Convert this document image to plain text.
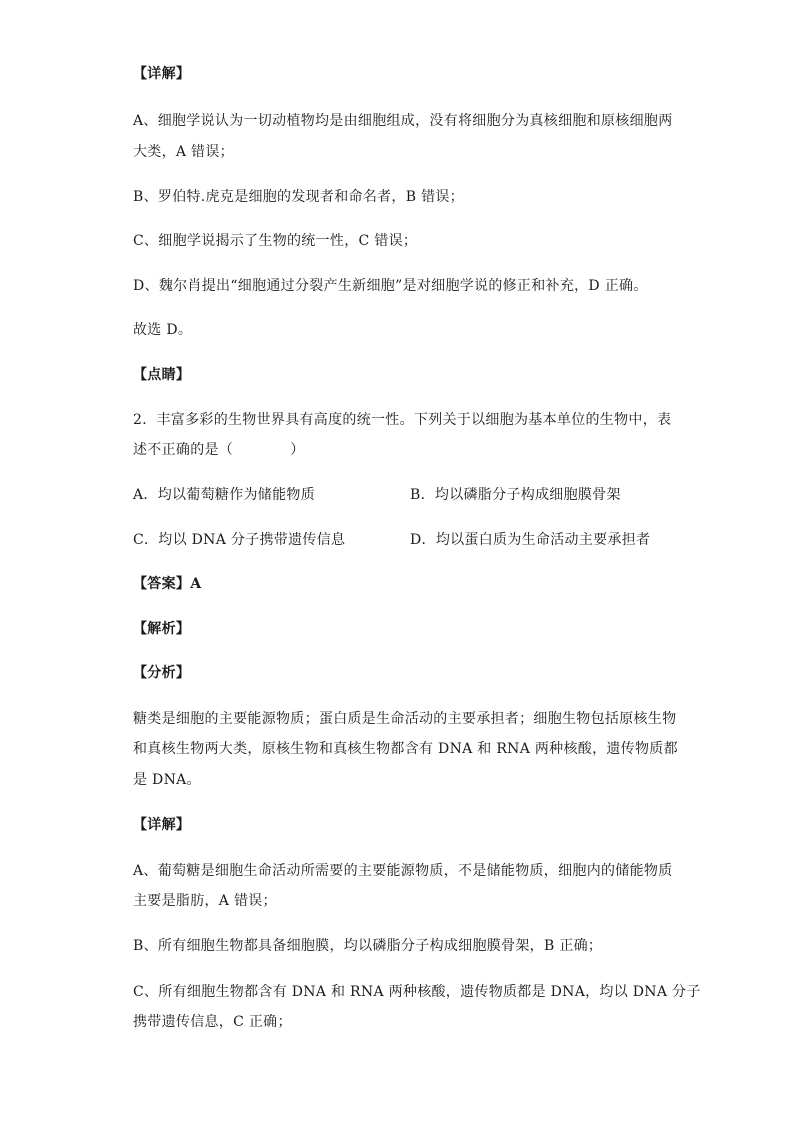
【详解】
A、细胞学说认为一切动植物均是由细胞组成，没有将细胞分为真核细胞和原核细胞两
大类，A 错误；
B、罗伯特.虎克是细胞的发现者和命名者，B 错误；
C、细胞学说揭示了生物的统一性，C 错误；
D、魏尔肖提出“细胞通过分裂产生新细胞”是对细胞学说的修正和补充，D 正确。
故选 D。
【点睛】
2．丰富多彩的生物世界具有高度的统一性。下列关于以细胞为基本单位的生物中，表
述不正确的是（　　　　）
A．均以葡萄糖作为储能物质	B．均以磷脂分子构成细胞膜骨架
C．均以 DNA 分子携带遗传信息	D．均以蛋白质为生命活动主要承担者
【答案】A
【解析】
【分析】
糖类是细胞的主要能源物质；蛋白质是生命活动的主要承担者；细胞生物包括原核生物
和真核生物两大类，原核生物和真核生物都含有 DNA 和 RNA 两种核酸，遗传物质都
是 DNA。
【详解】
A、葡萄糖是细胞生命活动所需要的主要能源物质，不是储能物质，细胞内的储能物质
主要是脂肪，A 错误；
B、所有细胞生物都具备细胞膜，均以磷脂分子构成细胞膜骨架，B 正确；
C、所有细胞生物都含有 DNA 和 RNA 两种核酸，遗传物质都是 DNA，均以 DNA 分子
携带遗传信息，C 正确；
